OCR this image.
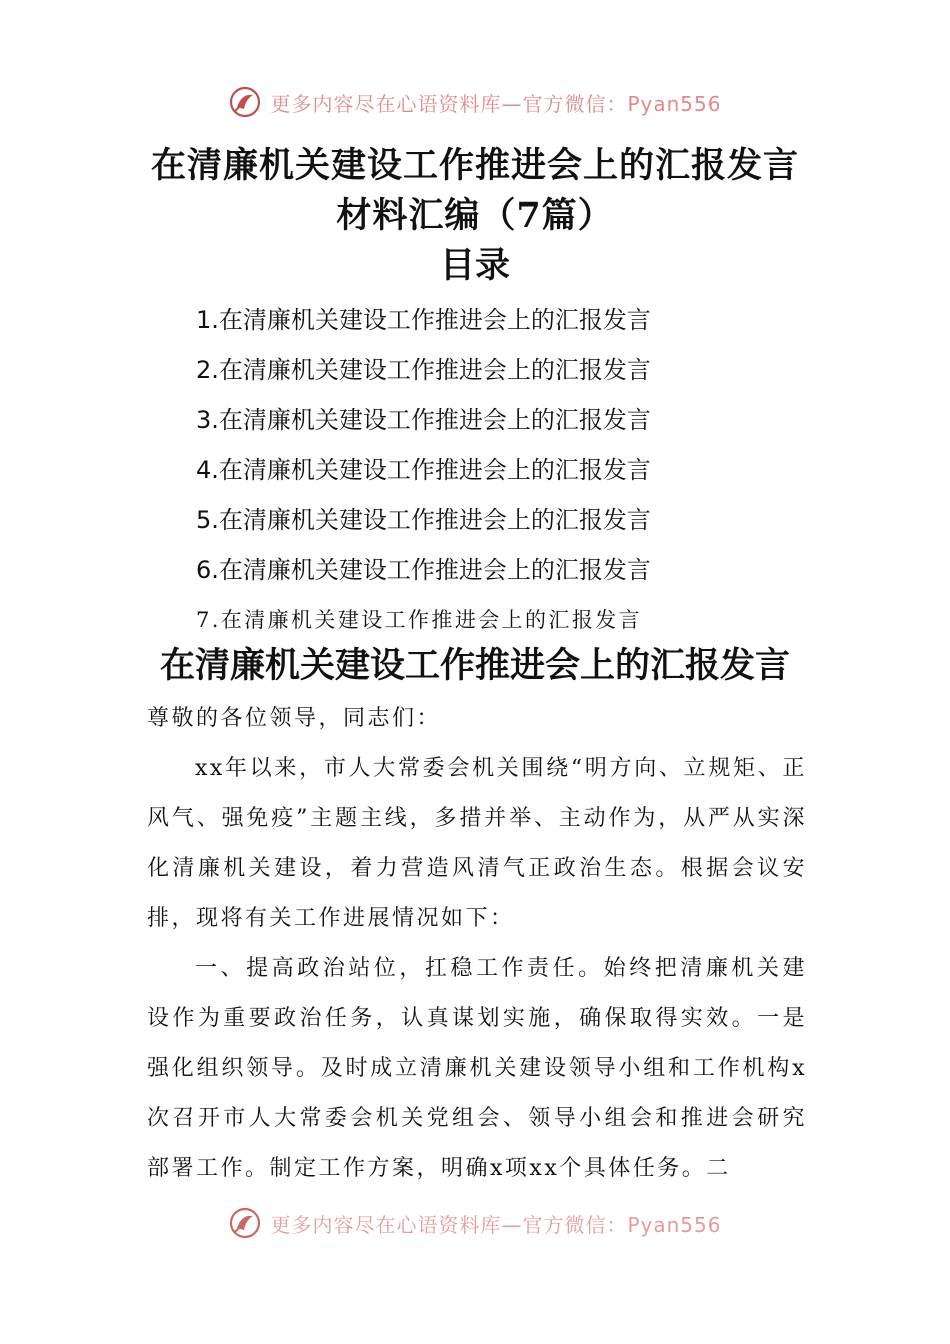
更多内容尽在心语资料库—官方微信：Pyan556
在清廉机关建设工作推进会上的汇报发言
材料汇编（7篇）
目录
1.在清廉机关建设工作推进会上的汇报发言
2.在清廉机关建设工作推进会上的汇报发言
3.在清廉机关建设工作推进会上的汇报发言
4.在清廉机关建设工作推进会上的汇报发言
5.在清廉机关建设工作推进会上的汇报发言
6.在清廉机关建设工作推进会上的汇报发言
7.在清廉机关建设工作推进会上的汇报发言
在清廉机关建设工作推进会上的汇报发言

尊敬的各位领导，同志们：

xx年以来，市人大常委会机关围绕“明方向、立规矩、正风气、强免疫”主题主线，多措并举、主动作为，从严从实深化清廉机关建设，着力营造风清气正政治生态。根据会议安排，现将有关工作进展情况如下：

一、提高政治站位，扛稳工作责任。始终把清廉机关建设作为重要政治任务，认真谋划实施，确保取得实效。一是强化组织领导。及时成立清廉机关建设领导小组和工作机构x次召开市人大常委会机关党组会、领导小组会和推进会研究部署工作。制定工作方案，明确x项xx个具体任务。二

更多内容尽在心语资料库—官方微信：Pyan556
